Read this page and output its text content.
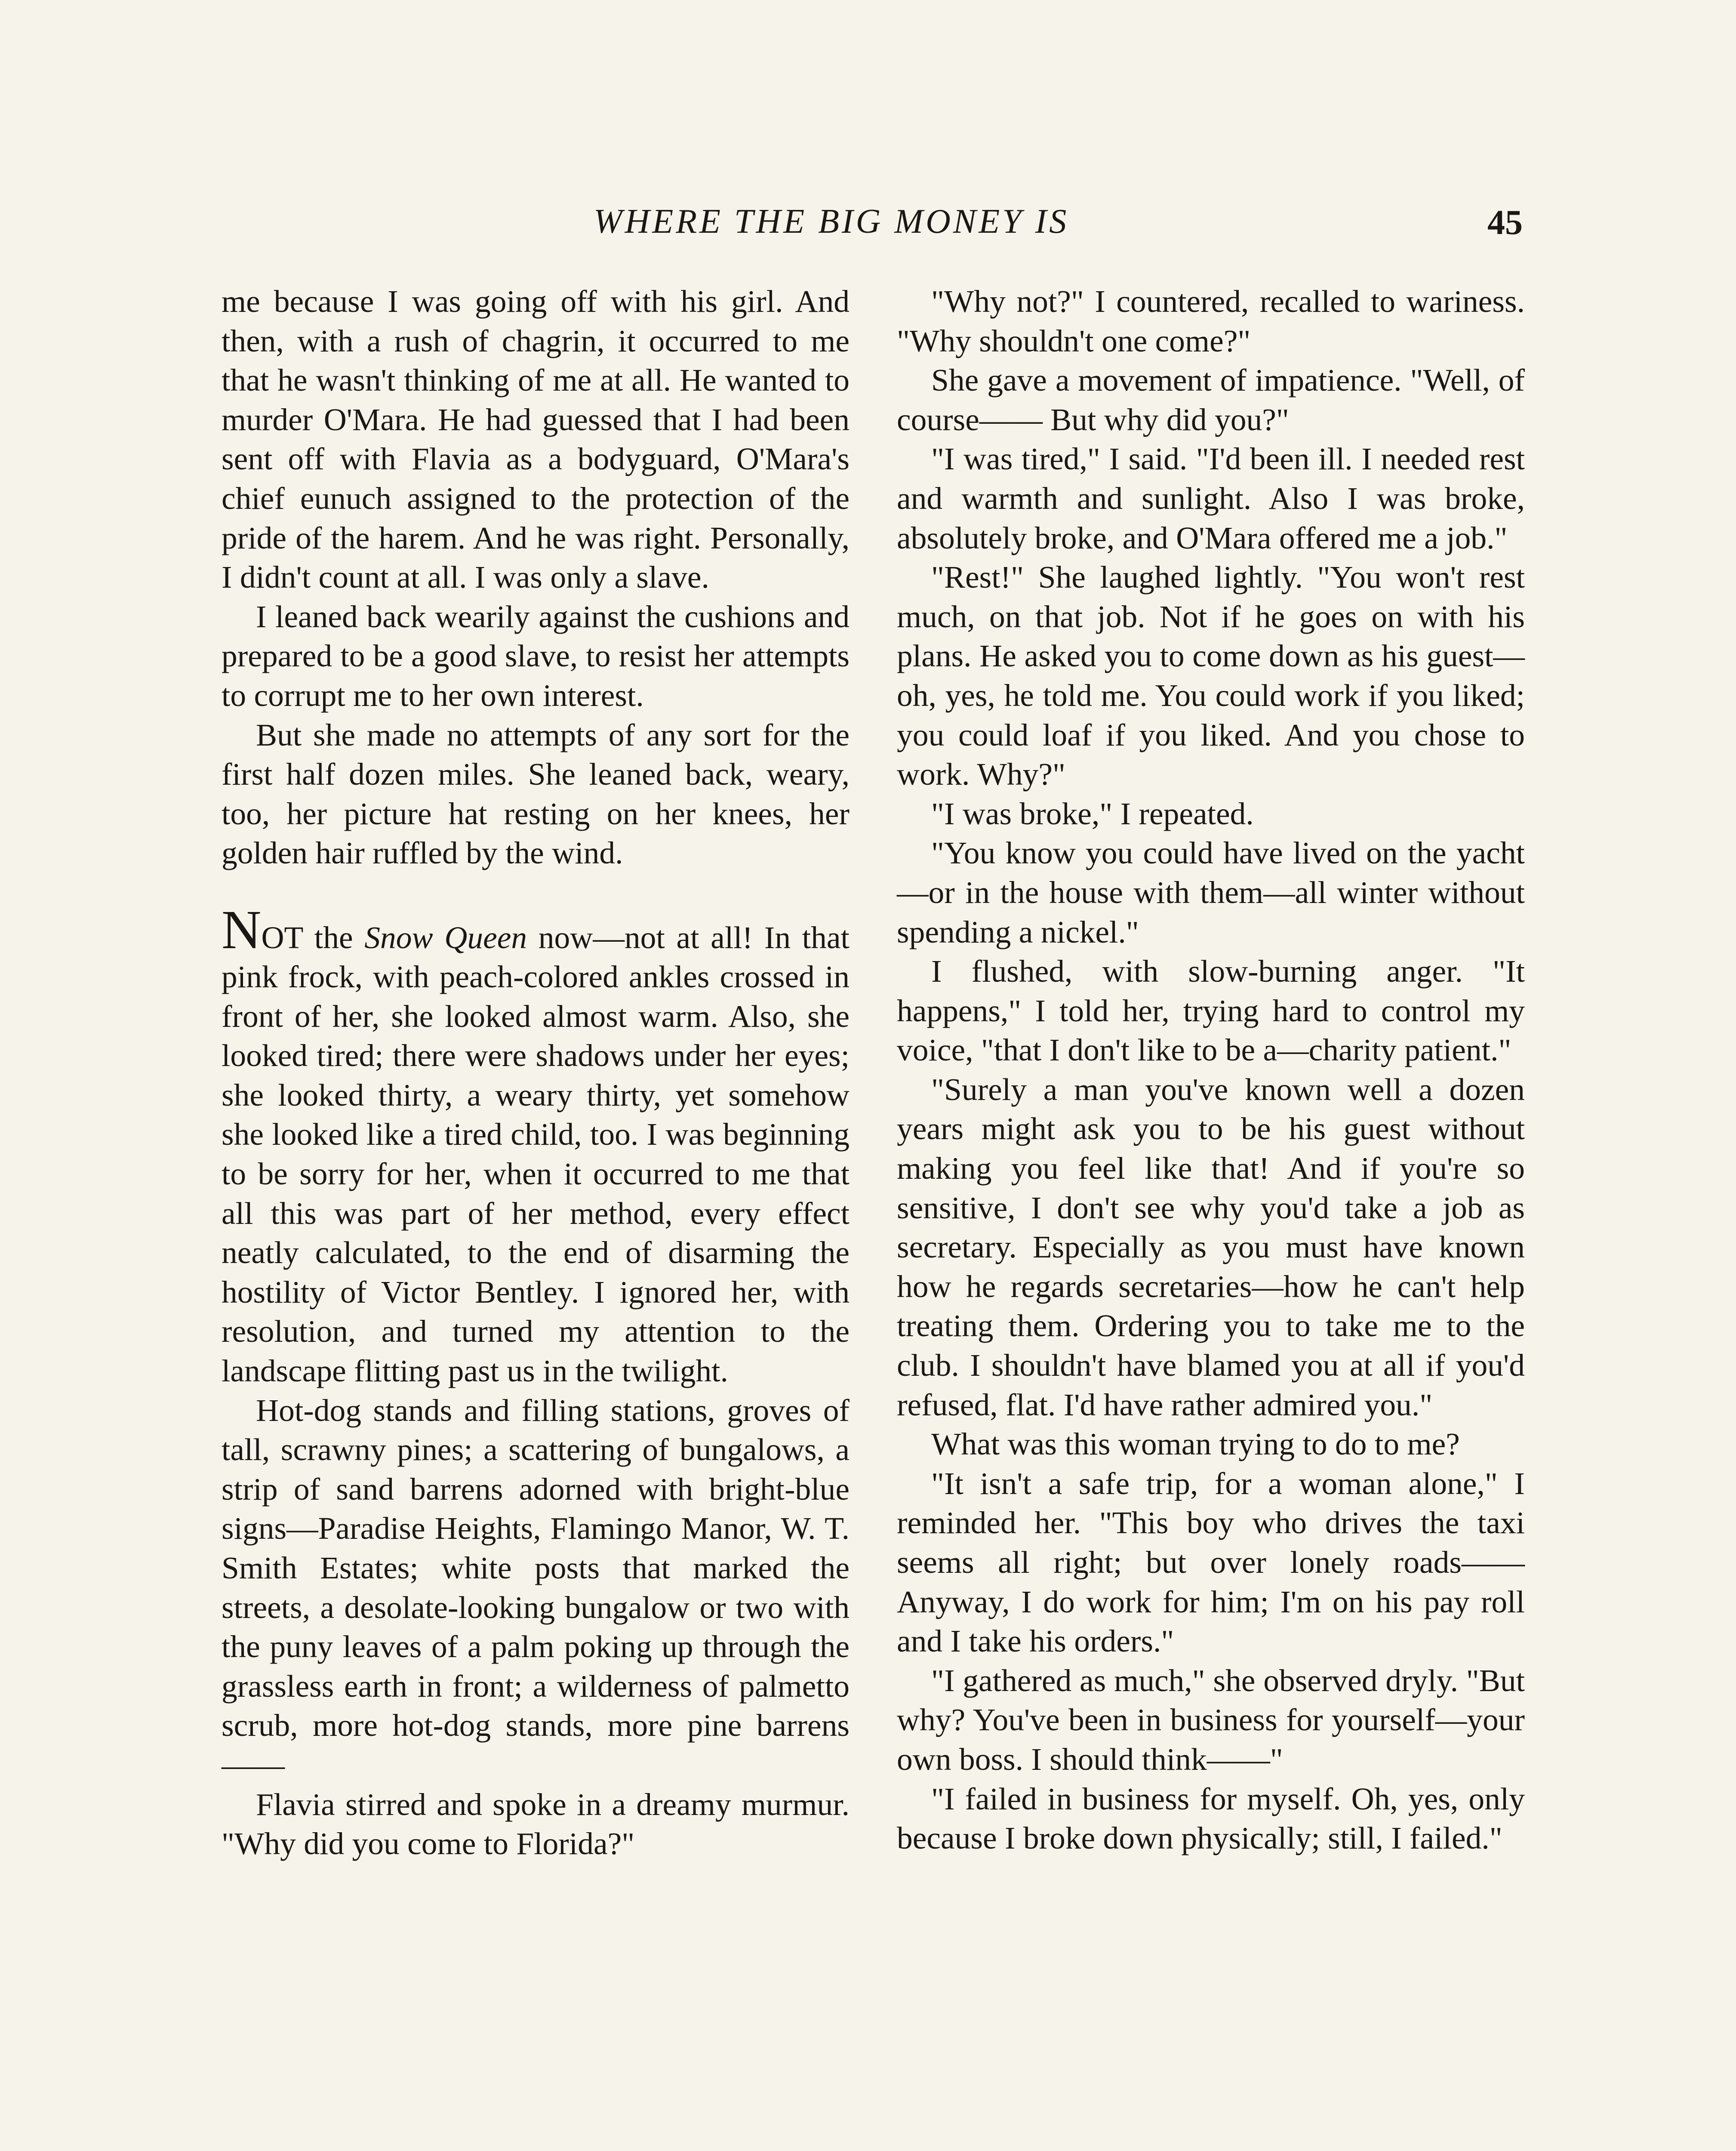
WHERE THE BIG MONEY IS	45

me because I was going off with his girl. And then, with a rush of chagrin, it occurred to me that he wasn't thinking of me at all. He wanted to murder O'Mara. He had guessed that I had been sent off with Flavia as a bodyguard, O'Mara's chief eunuch assigned to the protection of the pride of the harem. And he was right. Personally, I didn't count at all. I was only a slave.

I leaned back wearily against the cushions and prepared to be a good slave, to resist her attempts to corrupt me to her own interest.

But she made no attempts of any sort for the first half dozen miles. She leaned back, weary, too, her picture hat resting on her knees, her golden hair ruffled by the wind.

NOT the Snow Queen now—not at all! In that pink frock, with peach-colored ankles crossed in front of her, she looked almost warm. Also, she looked tired; there were shadows under her eyes; she looked thirty, a weary thirty, yet somehow she looked like a tired child, too. I was beginning to be sorry for her, when it occurred to me that all this was part of her method, every effect neatly calculated, to the end of disarming the hostility of Victor Bentley. I ignored her, with resolution, and turned my attention to the landscape flitting past us in the twilight.

Hot-dog stands and filling stations, groves of tall, scrawny pines; a scattering of bungalows, a strip of sand barrens adorned with bright-blue signs—Paradise Heights, Flamingo Manor, W. T. Smith Estates; white posts that marked the streets, a desolate-looking bungalow or two with the puny leaves of a palm poking up through the grassless earth in front; a wilderness of palmetto scrub, more hot-dog stands, more pine barrens——

Flavia stirred and spoke in a dreamy murmur. "Why did you come to Florida?"

"Why not?" I countered, recalled to wariness. "Why shouldn't one come?"

She gave a movement of impatience. "Well, of course—— But why did you?"

"I was tired," I said. "I'd been ill. I needed rest and warmth and sunlight. Also I was broke, absolutely broke, and O'Mara offered me a job."

"Rest!" She laughed lightly. "You won't rest much, on that job. Not if he goes on with his plans. He asked you to come down as his guest—oh, yes, he told me. You could work if you liked; you could loaf if you liked. And you chose to work. Why?"

"I was broke," I repeated.

"You know you could have lived on the yacht—or in the house with them—all winter without spending a nickel."

I flushed, with slow-burning anger. "It happens," I told her, trying hard to control my voice, "that I don't like to be a—charity patient."

"Surely a man you've known well a dozen years might ask you to be his guest without making you feel like that! And if you're so sensitive, I don't see why you'd take a job as secretary. Especially as you must have known how he regards secretaries—how he can't help treating them. Ordering you to take me to the club. I shouldn't have blamed you at all if you'd refused, flat. I'd have rather admired you."

What was this woman trying to do to me?

"It isn't a safe trip, for a woman alone," I reminded her. "This boy who drives the taxi seems all right; but over lonely roads—— Anyway, I do work for him; I'm on his pay roll and I take his orders."

"I gathered as much," she observed dryly. "But why? You've been in business for yourself—your own boss. I should think——"

"I failed in business for myself. Oh, yes, only because I broke down physically; still, I failed."
